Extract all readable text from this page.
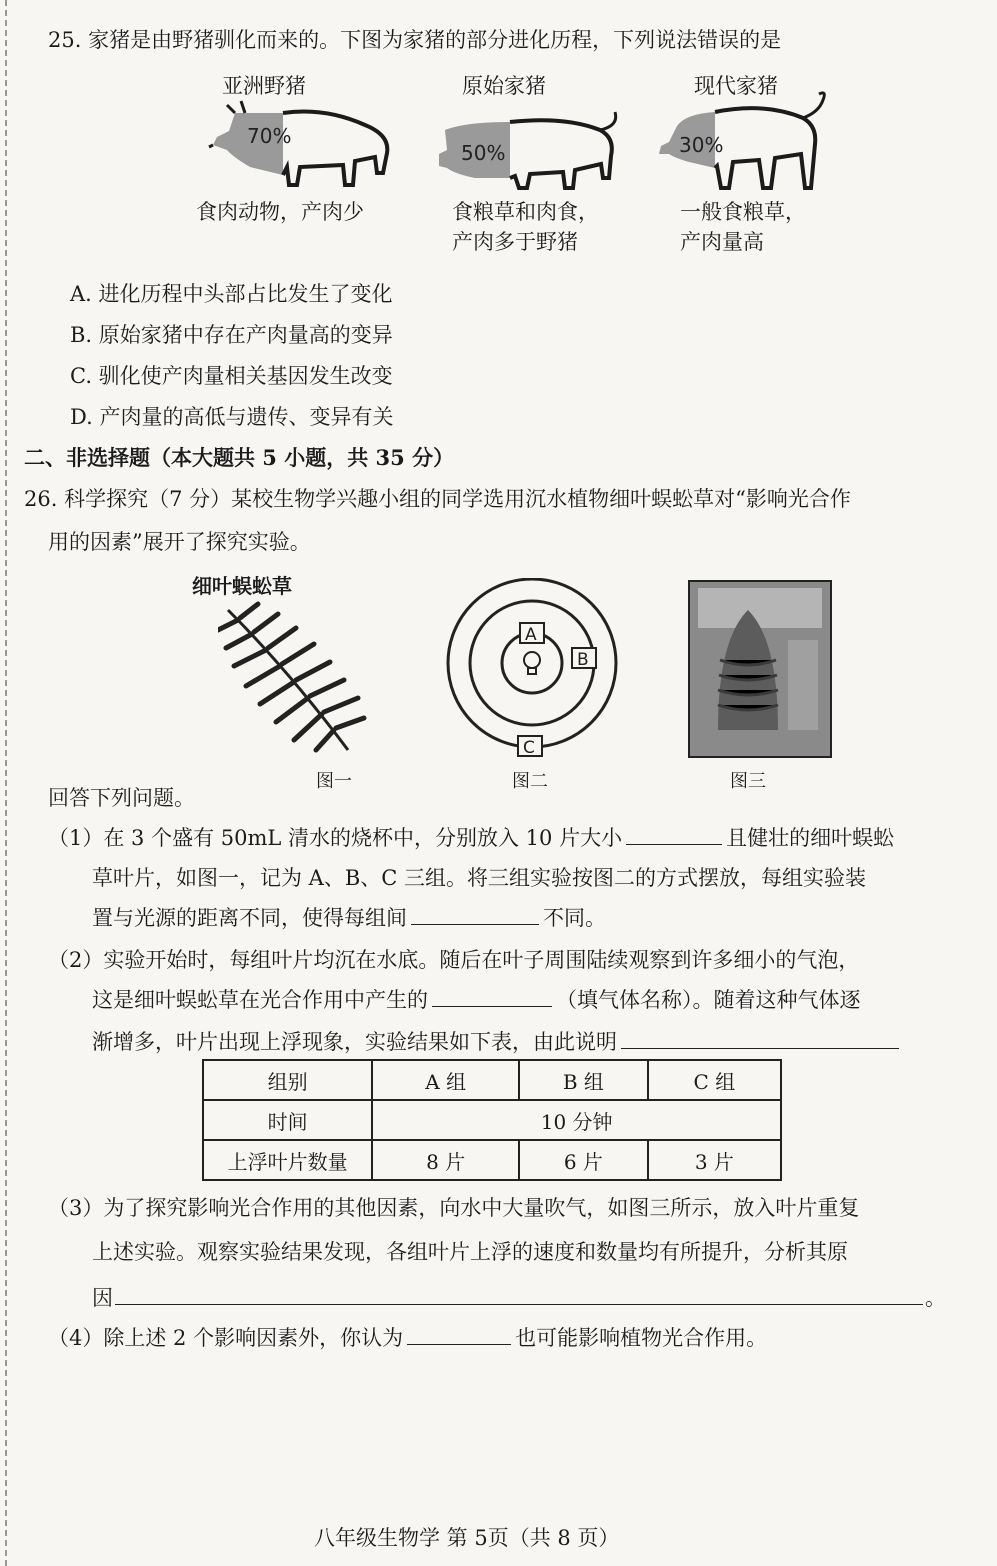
25. 家猪是由野猪驯化而来的。下图为家猪的部分进化历程，下列说法错误的是
亚洲野猪	原始家猪	现代家猪
70%
50%	30%
食肉动物，产肉少	食粮草和肉食，
产肉多于野猪
一般食粮草，
产肉量高
A. 进化历程中头部占比发生了变化
B. 原始家猪中存在产肉量高的变异
C. 驯化使产肉量相关基因发生改变
D. 产肉量的高低与遗传、变异有关
二、非选择题（本大题共 5 小题，共 35 分）
26. 科学探究（7 分）某校生物学兴趣小组的同学选用沉水植物细叶蜈蚣草对“影响光合作
用的因素”展开了探究实验。
细叶蜈蚣草
图一
A
B
C
图二	图三
回答下列问题。
（1）在 3 个盛有 50mL 清水的烧杯中，分别放入 10 片大小	且健壮的细叶蜈蚣
草叶片，如图一，记为 A、B、C 三组。将三组实验按图二的方式摆放，每组实验装
置与光源的距离不同，使得每组间	不同。
（2）实验开始时，每组叶片均沉在水底。随后在叶子周围陆续观察到许多细小的气泡，
这是细叶蜈蚣草在光合作用中产生的	（填气体名称）。随着这种气体逐
渐增多，叶片出现上浮现象，实验结果如下表，由此说明
组别	A 组	B 组	C 组
时间	10 分钟		
上浮叶片数量	8 片	6 片	3 片
（3）为了探究影响光合作用的其他因素，向水中大量吹气，如图三所示，放入叶片重复
上述实验。观察实验结果发现，各组叶片上浮的速度和数量均有所提升，分析其原
因	。
（4）除上述 2 个影响因素外，你认为	也可能影响植物光合作用。
八年级生物学 第 5页（共 8 页）
